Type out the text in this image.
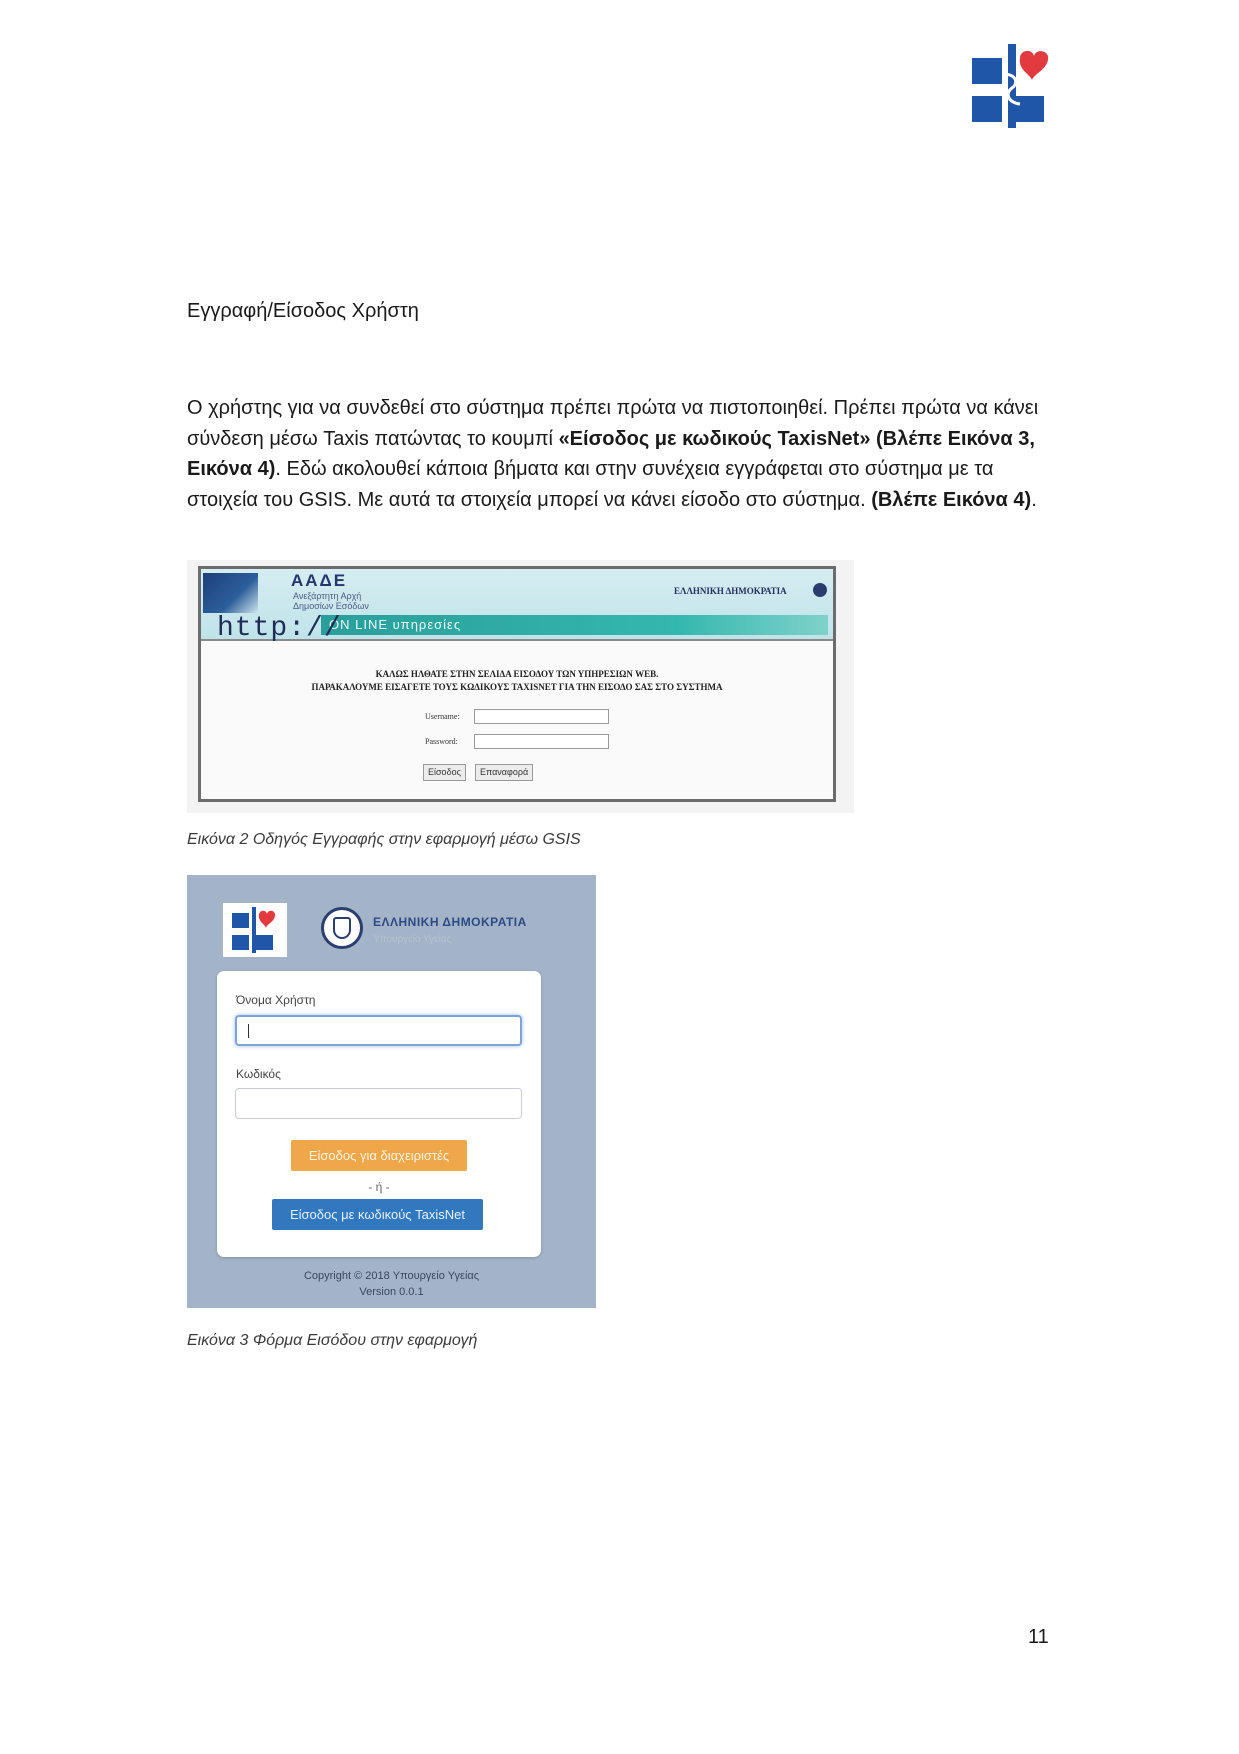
Εγγραφή/Είσοδος Χρήστη
Ο χρήστης για να συνδεθεί στο σύστημα πρέπει πρώτα να πιστοποιηθεί. Πρέπει πρώτα να κάνει σύνδεση μέσω Taxis πατώντας το κουμπί «Είσοδος με κωδικούς TaxisNet» (Βλέπε Εικόνα 3, Εικόνα 4). Εδώ ακολουθεί κάποια βήματα και στην συνέχεια εγγράφεται στο σύστημα με τα στοιχεία του GSIS. Με αυτά τα στοιχεία μπορεί να κάνει είσοδο στο σύστημα. (Βλέπε Εικόνα 4).
ΑΑΔΕ
Ανεξάρτητη Αρχή
Δημοσίων Εσόδων
ON LINE υπηρεσίες
http://
ΕΛΛΗΝΙΚΗ ΔΗΜΟΚΡΑΤΙΑ
ΚΑΛΩΣ ΗΛΘΑΤΕ ΣΤΗΝ ΣΕΛΙΔΑ ΕΙΣΟΔΟΥ ΤΩΝ ΥΠΗΡΕΣΙΩΝ WEB.
ΠΑΡΑΚΑΛΟΥΜΕ ΕΙΣΑΓΕΤΕ ΤΟΥΣ ΚΩΔΙΚΟΥΣ TAXISNET ΓΙΑ ΤΗΝ ΕΙΣΟΔΟ ΣΑΣ ΣΤΟ ΣΥΣΤΗΜΑ
Username:
Password:
Είσοδος	Επαναφορά
Εικόνα 2 Οδηγός Εγγραφής στην εφαρμογή μέσω GSIS
ΕΛΛΗΝΙΚΗ ΔΗΜΟΚΡΑΤΙΑ
Υπουργείο Υγείας
Όνομα Χρήστη
Κωδικός
Είσοδος για διαχειριστές
- ή -
Είσοδος με κωδικούς TaxisNet
Copyright © 2018 Υπουργείο Υγείας
Version 0.0.1
Εικόνα 3 Φόρμα Εισόδου στην εφαρμογή
11
